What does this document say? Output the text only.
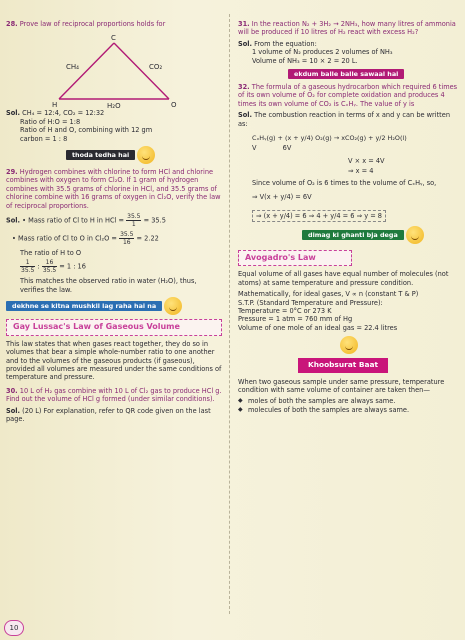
28. Prove law of reciprocal proportions holds for
C
CH₄	CO₂
H	H₂O	O
Sol. CH₄ = 12:4, CO₂ = 12:32
Ratio of H:O = 1:8
Ratio of H and O, combining with 12 gm
carbon = 1 : 8
thoda tedha hai
29. Hydrogen combines with chlorine to form HCl and chlorine combines with oxygen to form Cl₂O. If 1 gram of hydrogen combines with 35.5 grams of chlorine in HCl, and 35.5 grams of chlorine combine with 16 grams of oxygen in Cl₂O, verify the law of reciprocal proportions.
Sol. • Mass ratio of Cl to H in HCl = $\frac{35.5}{1} = 35.5$
• Mass ratio of Cl to O in $Cl_2O = \frac{35.5}{16} = 2.22$
The ratio of H to O
$\frac{1}{35.5}$ : $\frac{16}{35.5} = 1$ : 16
This matches the observed ratio in water (H₂O), thus, verifies the law.
dekhne se kitna mushkil lag raha hai na
Gay Lussac's Law of Gaseous Volume
This law states that when gases react together, they do so in volumes that bear a simple whole-number ratio to one another and to the volumes of the gaseous products (if gaseous), provided all volumes are measured under the same conditions of temperature and pressure.
30. 10 L of H₂ gas combine with 10 L of Cl₂ gas to produce HCl g. Find out the volume of HCl g formed (under similar conditions).
Sol. (20 L) For explanation, refer to QR code given on the last page.
31. In the reaction N₂ + 3H₂ → 2NH₃, how many litres of ammonia will be produced if 10 litres of H₂ react with excess H₂?
Sol. From the equation:
1 volume of N₂ produces 2 volumes of NH₃
Volume of NH₃ = 10 × 2 = 20 L.
ekdum balle balle sawaal hai
32. The formula of a gaseous hydrocarbon which required 6 times of its own volume of O₂ for complete oxidation and produces 4 times its own volume of CO₂ is CₓHᵧ. The value of y is
Sol. The combustion reaction in terms of x and y can be written as:
CₓHᵧ(g) + (x + y/4) O₂(g) → xCO₂(g) + y/2 H₂O(l)
V	6V
V × x = 4V
⇒ x = 4
Since volume of O₂ is 6 times to the volume of CₓHᵧ, so,
⇒ V(x + y/4) = 6V
⇒ (x + y/4) = 6 ⇒ 4 + y/4 = 6 ⇒ y = 8
dimag ki ghanti bja dega
Avogadro's Law
Equal volume of all gases have equal number of molecules (not atoms) at same temperature and pressure condition.
Mathematically, for ideal gases, V ∝ n (constant T & P)
S.T.P. (Standard Temperature and Pressure):
Temperature = 0°C or 273 K
Pressure = 1 atm = 760 mm of Hg
Volume of one mole of an ideal gas = 22.4 litres
Khoobsurat Baat
When two gaseous sample under same pressure, temperature condition with same volume of container are taken then—
◆ moles of both the samples are always same.
◆ molecules of both the samples are always same.
10
